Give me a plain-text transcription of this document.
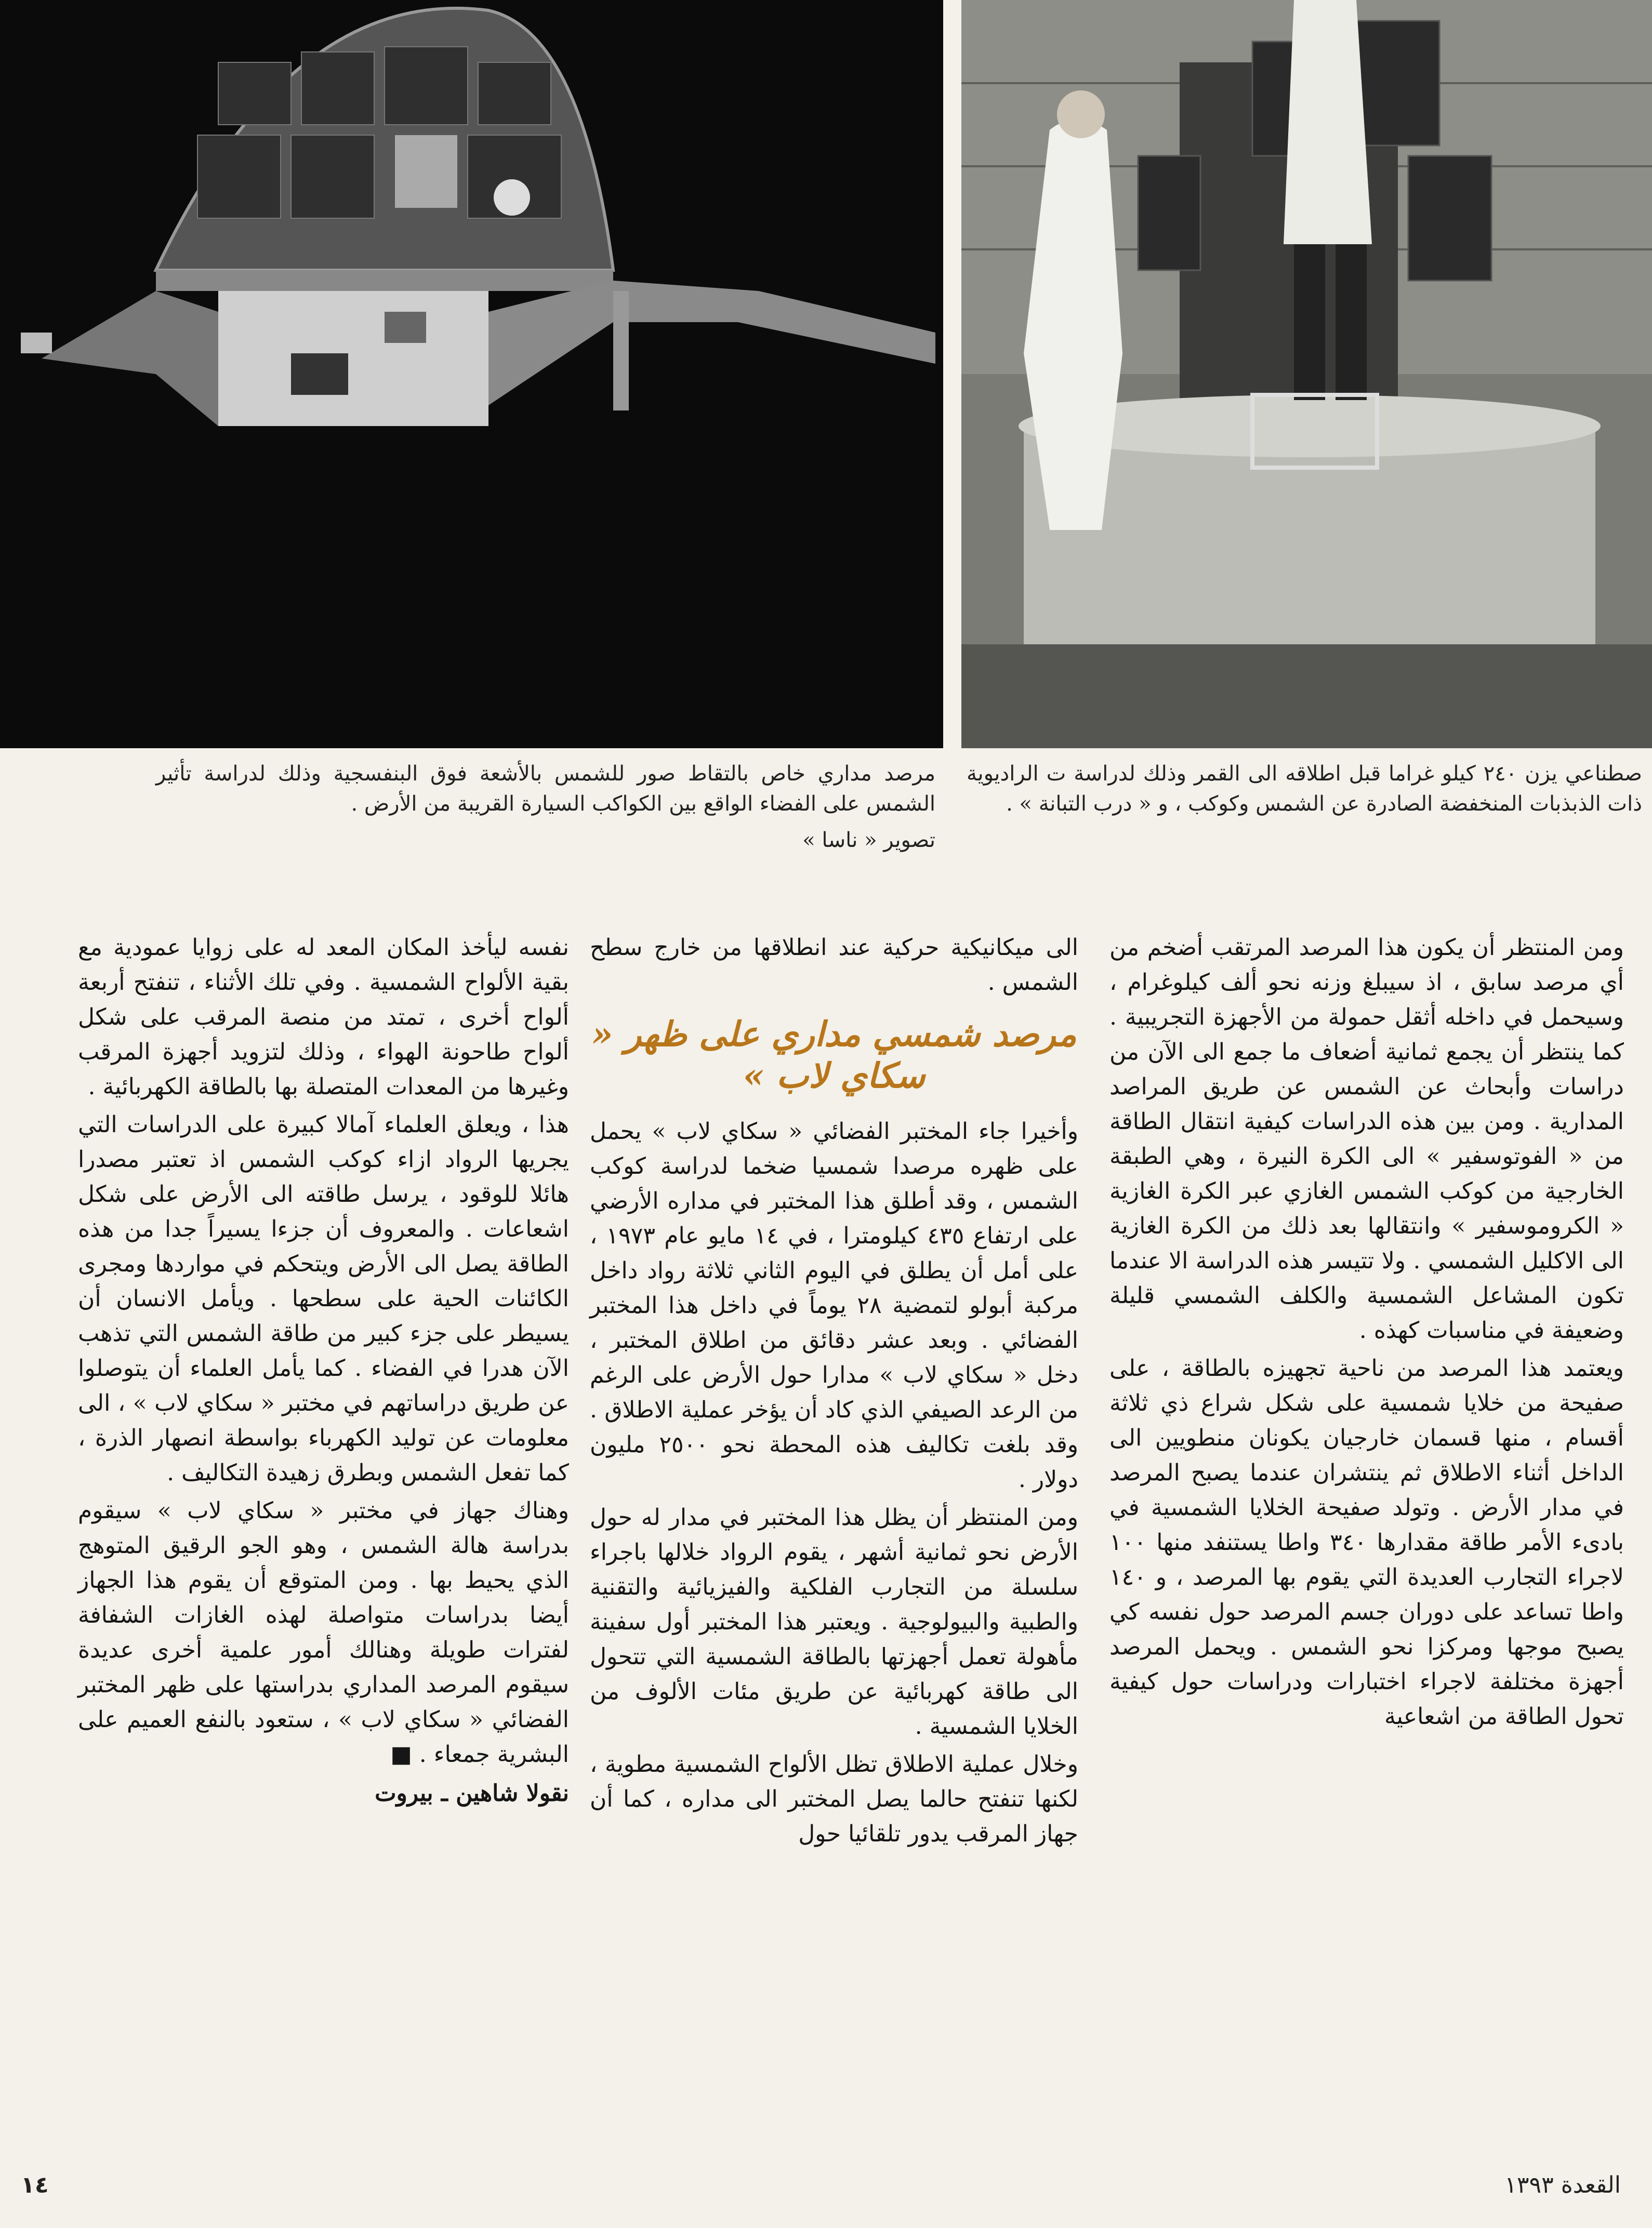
مرصد مداري خاص بالتقاط صور للشمس بالأشعة فوق البنفسجية وذلك لدراسة تأثير الشمس على الفضاء الواقع بين الكواكب السيارة القريبة من الأرض .
تصوير « ناسا »
صطناعي يزن ٢٤٠ كيلو غراما قبل اطلاقه الى القمر وذلك لدراسة ت الراديوية ذات الذبذبات المنخفضة الصادرة عن الشمس وكوكب ، و « درب التبانة » .

ومن المنتظر أن يكون هذا المرصد المرتقب أضخم من أي مرصد سابق ، اذ سيبلغ وزنه نحو ألف كيلوغرام ، وسيحمل في داخله أثقل حمولة من الأجهزة التجريبية . كما ينتظر أن يجمع ثمانية أضعاف ما جمع الى الآن من دراسات وأبحاث عن الشمس عن طريق المراصد المدارية . ومن بين هذه الدراسات كيفية انتقال الطاقة من « الفوتوسفير » الى الكرة النيرة ، وهي الطبقة الخارجية من كوكب الشمس الغازي عبر الكرة الغازية « الكروموسفير » وانتقالها بعد ذلك من الكرة الغازية الى الاكليل الشمسي . ولا تتيسر هذه الدراسة الا عندما تكون المشاعل الشمسية والكلف الشمسي قليلة وضعيفة في مناسبات كهذه .

ويعتمد هذا المرصد من ناحية تجهيزه بالطاقة ، على صفيحة من خلايا شمسية على شكل شراع ذي ثلاثة أقسام ، منها قسمان خارجيان يكونان منطويين الى الداخل أثناء الاطلاق ثم ينتشران عندما يصبح المرصد في مدار الأرض . وتولد صفيحة الخلايا الشمسية في بادىء الأمر طاقة مقدارها ٣٤٠ واطا يستنفد منها ١٠٠ لاجراء التجارب العديدة التي يقوم بها المرصد ، و ١٤٠ واطا تساعد على دوران جسم المرصد حول نفسه كي يصبح موجها ومركزا نحو الشمس . ويحمل المرصد أجهزة مختلفة لاجراء اختبارات ودراسات حول كيفية تحول الطاقة من اشعاعية

الى ميكانيكية حركية عند انطلاقها من خارج سطح الشمس .

مرصد شمسي مداري على ظهر « سكاي لاب »

وأخيرا جاء المختبر الفضائي « سكاي لاب » يحمل على ظهره مرصدا شمسيا ضخما لدراسة كوكب الشمس ، وقد أطلق هذا المختبر في مداره الأرضي على ارتفاع ٤٣٥ كيلومترا ، في ١٤ مايو عام ١٩٧٣ ، على أمل أن يطلق في اليوم الثاني ثلاثة رواد داخل مركبة أبولو لتمضية ٢٨ يوماً في داخل هذا المختبر الفضائي . وبعد عشر دقائق من اطلاق المختبر ، دخل « سكاي لاب » مدارا حول الأرض على الرغم من الرعد الصيفي الذي كاد أن يؤخر عملية الاطلاق . وقد بلغت تكاليف هذه المحطة نحو ٢٥٠٠ مليون دولار .

ومن المنتظر أن يظل هذا المختبر في مدار له حول الأرض نحو ثمانية أشهر ، يقوم الرواد خلالها باجراء سلسلة من التجارب الفلكية والفيزيائية والتقنية والطبية والبيولوجية . ويعتبر هذا المختبر أول سفينة مأهولة تعمل أجهزتها بالطاقة الشمسية التي تتحول الى طاقة كهربائية عن طريق مئات الألوف من الخلايا الشمسية .

وخلال عملية الاطلاق تظل الألواح الشمسية مطوية ، لكنها تنفتح حالما يصل المختبر الى مداره ، كما أن جهاز المرقب يدور تلقائيا حول

نفسه ليأخذ المكان المعد له على زوايا عمودية مع بقية الألواح الشمسية . وفي تلك الأثناء ، تنفتح أربعة ألواح أخرى ، تمتد من منصة المرقب على شكل ألواح طاحونة الهواء ، وذلك لتزويد أجهزة المرقب وغيرها من المعدات المتصلة بها بالطاقة الكهربائية .

هذا ، ويعلق العلماء آمالا كبيرة على الدراسات التي يجريها الرواد ازاء كوكب الشمس اذ تعتبر مصدرا هائلا للوقود ، يرسل طاقته الى الأرض على شكل اشعاعات . والمعروف أن جزءا يسيراً جدا من هذه الطاقة يصل الى الأرض ويتحكم في مواردها ومجرى الكائنات الحية على سطحها . ويأمل الانسان أن يسيطر على جزء كبير من طاقة الشمس التي تذهب الآن هدرا في الفضاء . كما يأمل العلماء أن يتوصلوا عن طريق دراساتهم في مختبر « سكاي لاب » ، الى معلومات عن توليد الكهرباء بواسطة انصهار الذرة ، كما تفعل الشمس وبطرق زهيدة التكاليف .

وهناك جهاز في مختبر « سكاي لاب » سيقوم بدراسة هالة الشمس ، وهو الجو الرقيق المتوهج الذي يحيط بها . ومن المتوقع أن يقوم هذا الجهاز أيضا بدراسات متواصلة لهذه الغازات الشفافة لفترات طويلة وهنالك أمور علمية أخرى عديدة سيقوم المرصد المداري بدراستها على ظهر المختبر الفضائي « سكاي لاب » ، ستعود بالنفع العميم على البشرية جمعاء . ■

نقولا شاهين ـ بيروت

القعدة ١٣٩٣
١٤
